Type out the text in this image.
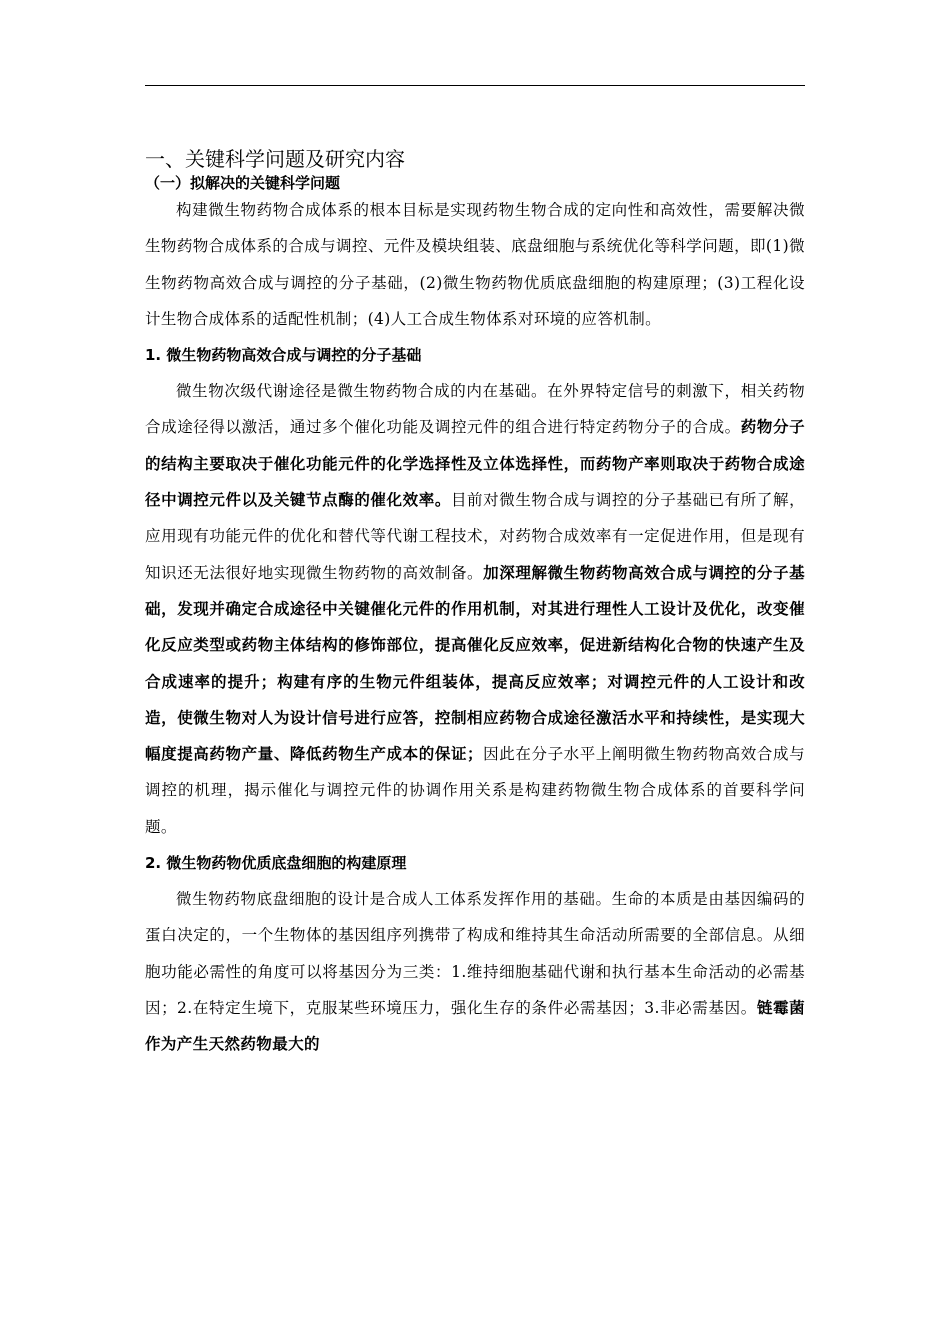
一、关键科学问题及研究内容
（一）拟解决的关键科学问题

构建微生物药物合成体系的根本目标是实现药物生物合成的定向性和高效性，需要解决微生物药物合成体系的合成与调控、元件及模块组装、底盘细胞与系统优化等科学问题，即(1)微生物药物高效合成与调控的分子基础，(2)微生物药物优质底盘细胞的构建原理；(3)工程化设计生物合成体系的适配性机制；(4)人工合成生物体系对环境的应答机制。

1. 微生物药物高效合成与调控的分子基础

微生物次级代谢途径是微生物药物合成的内在基础。在外界特定信号的刺激下，相关药物合成途径得以激活，通过多个催化功能及调控元件的组合进行特定药物分子的合成。药物分子的结构主要取决于催化功能元件的化学选择性及立体选择性，而药物产率则取决于药物合成途径中调控元件以及关键节点酶的催化效率。目前对微生物合成与调控的分子基础已有所了解，应用现有功能元件的优化和替代等代谢工程技术，对药物合成效率有一定促进作用，但是现有知识还无法很好地实现微生物药物的高效制备。加深理解微生物药物高效合成与调控的分子基础，发现并确定合成途径中关键催化元件的作用机制，对其进行理性人工设计及优化，改变催化反应类型或药物主体结构的修饰部位，提高催化反应效率，促进新结构化合物的快速产生及合成速率的提升；构建有序的生物元件组装体，提高反应效率；对调控元件的人工设计和改造，使微生物对人为设计信号进行应答，控制相应药物合成途径激活水平和持续性，是实现大幅度提高药物产量、降低药物生产成本的保证；因此在分子水平上阐明微生物药物高效合成与调控的机理，揭示催化与调控元件的协调作用关系是构建药物微生物合成体系的首要科学问题。

2. 微生物药物优质底盘细胞的构建原理

微生物药物底盘细胞的设计是合成人工体系发挥作用的基础。生命的本质是由基因编码的蛋白决定的，一个生物体的基因组序列携带了构成和维持其生命活动所需要的全部信息。从细胞功能必需性的角度可以将基因分为三类：1.维持细胞基础代谢和执行基本生命活动的必需基因；2.在特定生境下，克服某些环境压力，强化生存的条件必需基因；3.非必需基因。链霉菌作为产生天然药物最大的
